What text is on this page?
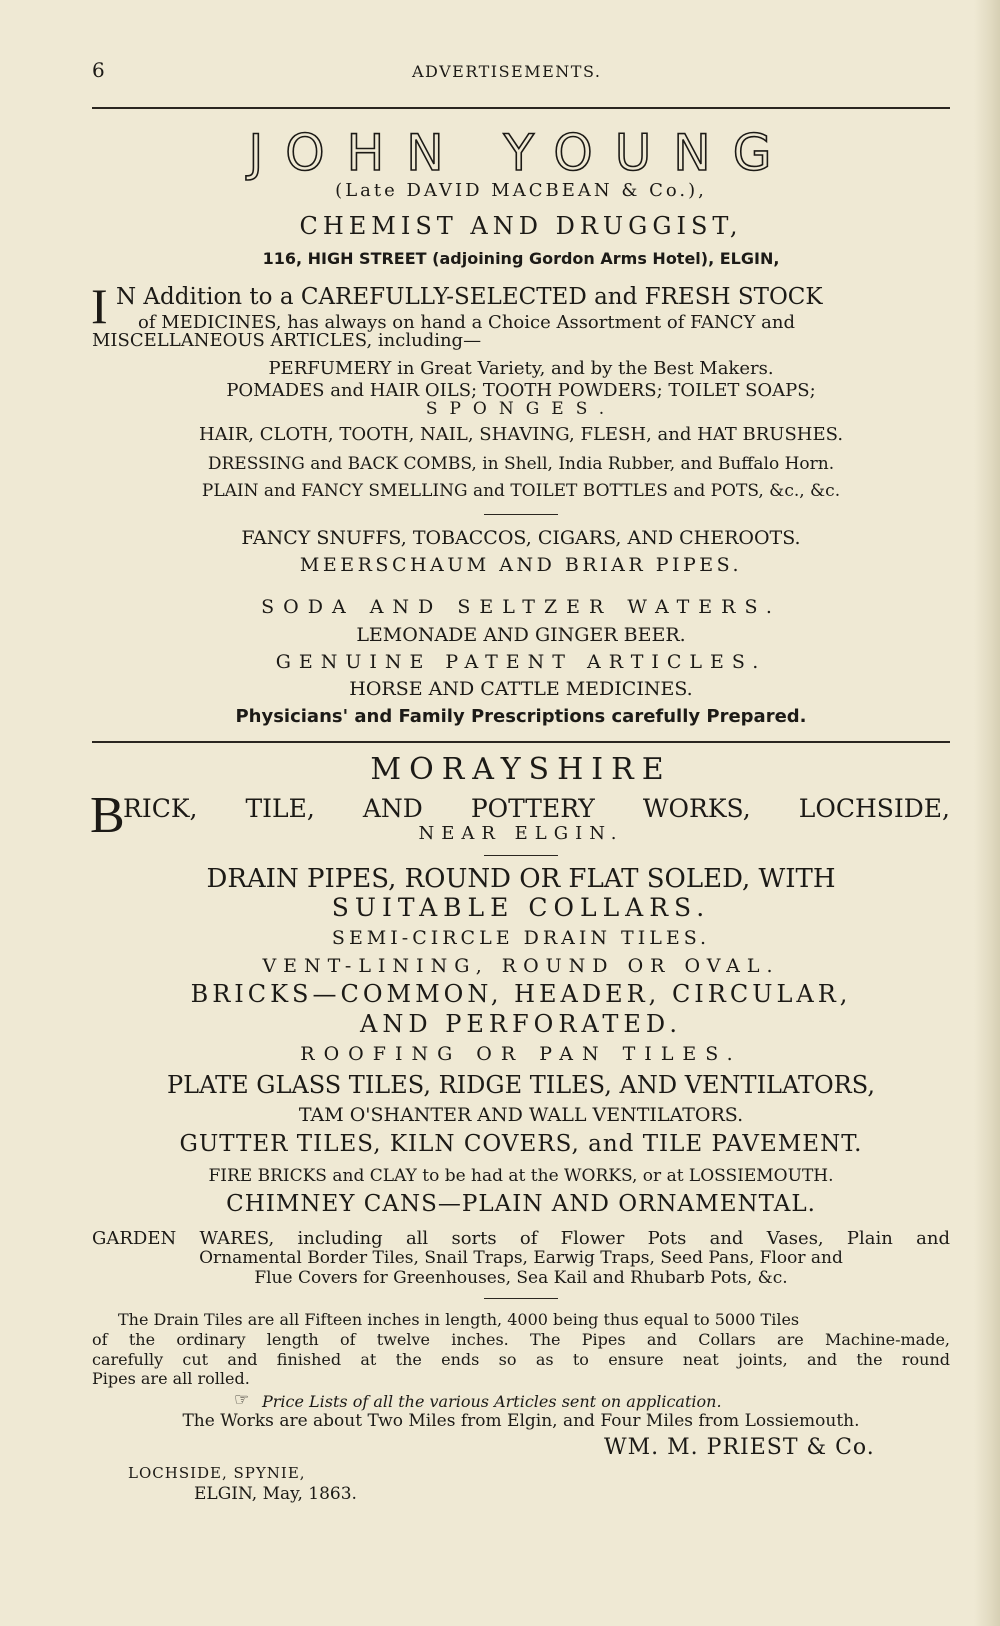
6	ADVERTISEMENTS.
JOHN YOUNG
(Late DAVID MACBEAN & Co.),
CHEMIST AND DRUGGIST,
116, HIGH STREET (adjoining Gordon Arms Hotel), ELGIN,
I N Addition to a CAREFULLY-SELECTED and FRESH STOCK
of MEDICINES, has always on hand a Choice Assortment of FANCY and
MISCELLANEOUS ARTICLES, including—
PERFUMERY in Great Variety, and by the Best Makers.
POMADES and HAIR OILS; TOOTH POWDERS; TOILET SOAPS;
SPONGES.
HAIR, CLOTH, TOOTH, NAIL, SHAVING, FLESH, and HAT BRUSHES.
DRESSING and BACK COMBS, in Shell, India Rubber, and Buffalo Horn.
PLAIN and FANCY SMELLING and TOILET BOTTLES and POTS, &c., &c.
FANCY SNUFFS, TOBACCOS, CIGARS, AND CHEROOTS.
MEERSCHAUM AND BRIAR PIPES.
SODA AND SELTZER WATERS.
LEMONADE AND GINGER BEER.
GENUINE PATENT ARTICLES.
HORSE AND CATTLE MEDICINES.
Physicians' and Family Prescriptions carefully Prepared.
MORAYSHIRE
B
RICK, TILE, AND POTTERY WORKS, LOCHSIDE,
NEAR ELGIN.
DRAIN PIPES, ROUND OR FLAT SOLED, WITH
SUITABLE COLLARS.
SEMI-CIRCLE DRAIN TILES.
VENT-LINING, ROUND OR OVAL.
BRICKS—COMMON, HEADER, CIRCULAR,
AND PERFORATED.
ROOFING OR PAN TILES.
PLATE GLASS TILES, RIDGE TILES, AND VENTILATORS,
TAM O'SHANTER AND WALL VENTILATORS.
GUTTER TILES, KILN COVERS, and TILE PAVEMENT.
FIRE BRICKS and CLAY to be had at the WORKS, or at LOSSIEMOUTH.
CHIMNEY CANS—PLAIN AND ORNAMENTAL.
GARDEN WARES, including all sorts of Flower Pots and Vases, Plain and
Ornamental Border Tiles, Snail Traps, Earwig Traps, Seed Pans, Floor and
Flue Covers for Greenhouses, Sea Kail and Rhubarb Pots, &c.
The Drain Tiles are all Fifteen inches in length, 4000 being thus equal to 5000 Tiles
of the ordinary length of twelve inches. The Pipes and Collars are Machine-made,
carefully cut and finished at the ends so as to ensure neat joints, and the round
Pipes are all rolled.
☞ Price Lists of all the various Articles sent on application.
The Works are about Two Miles from Elgin, and Four Miles from Lossiemouth.
WM. M. PRIEST & Co.
LOCHSIDE, SPYNIE,
ELGIN, May, 1863.
